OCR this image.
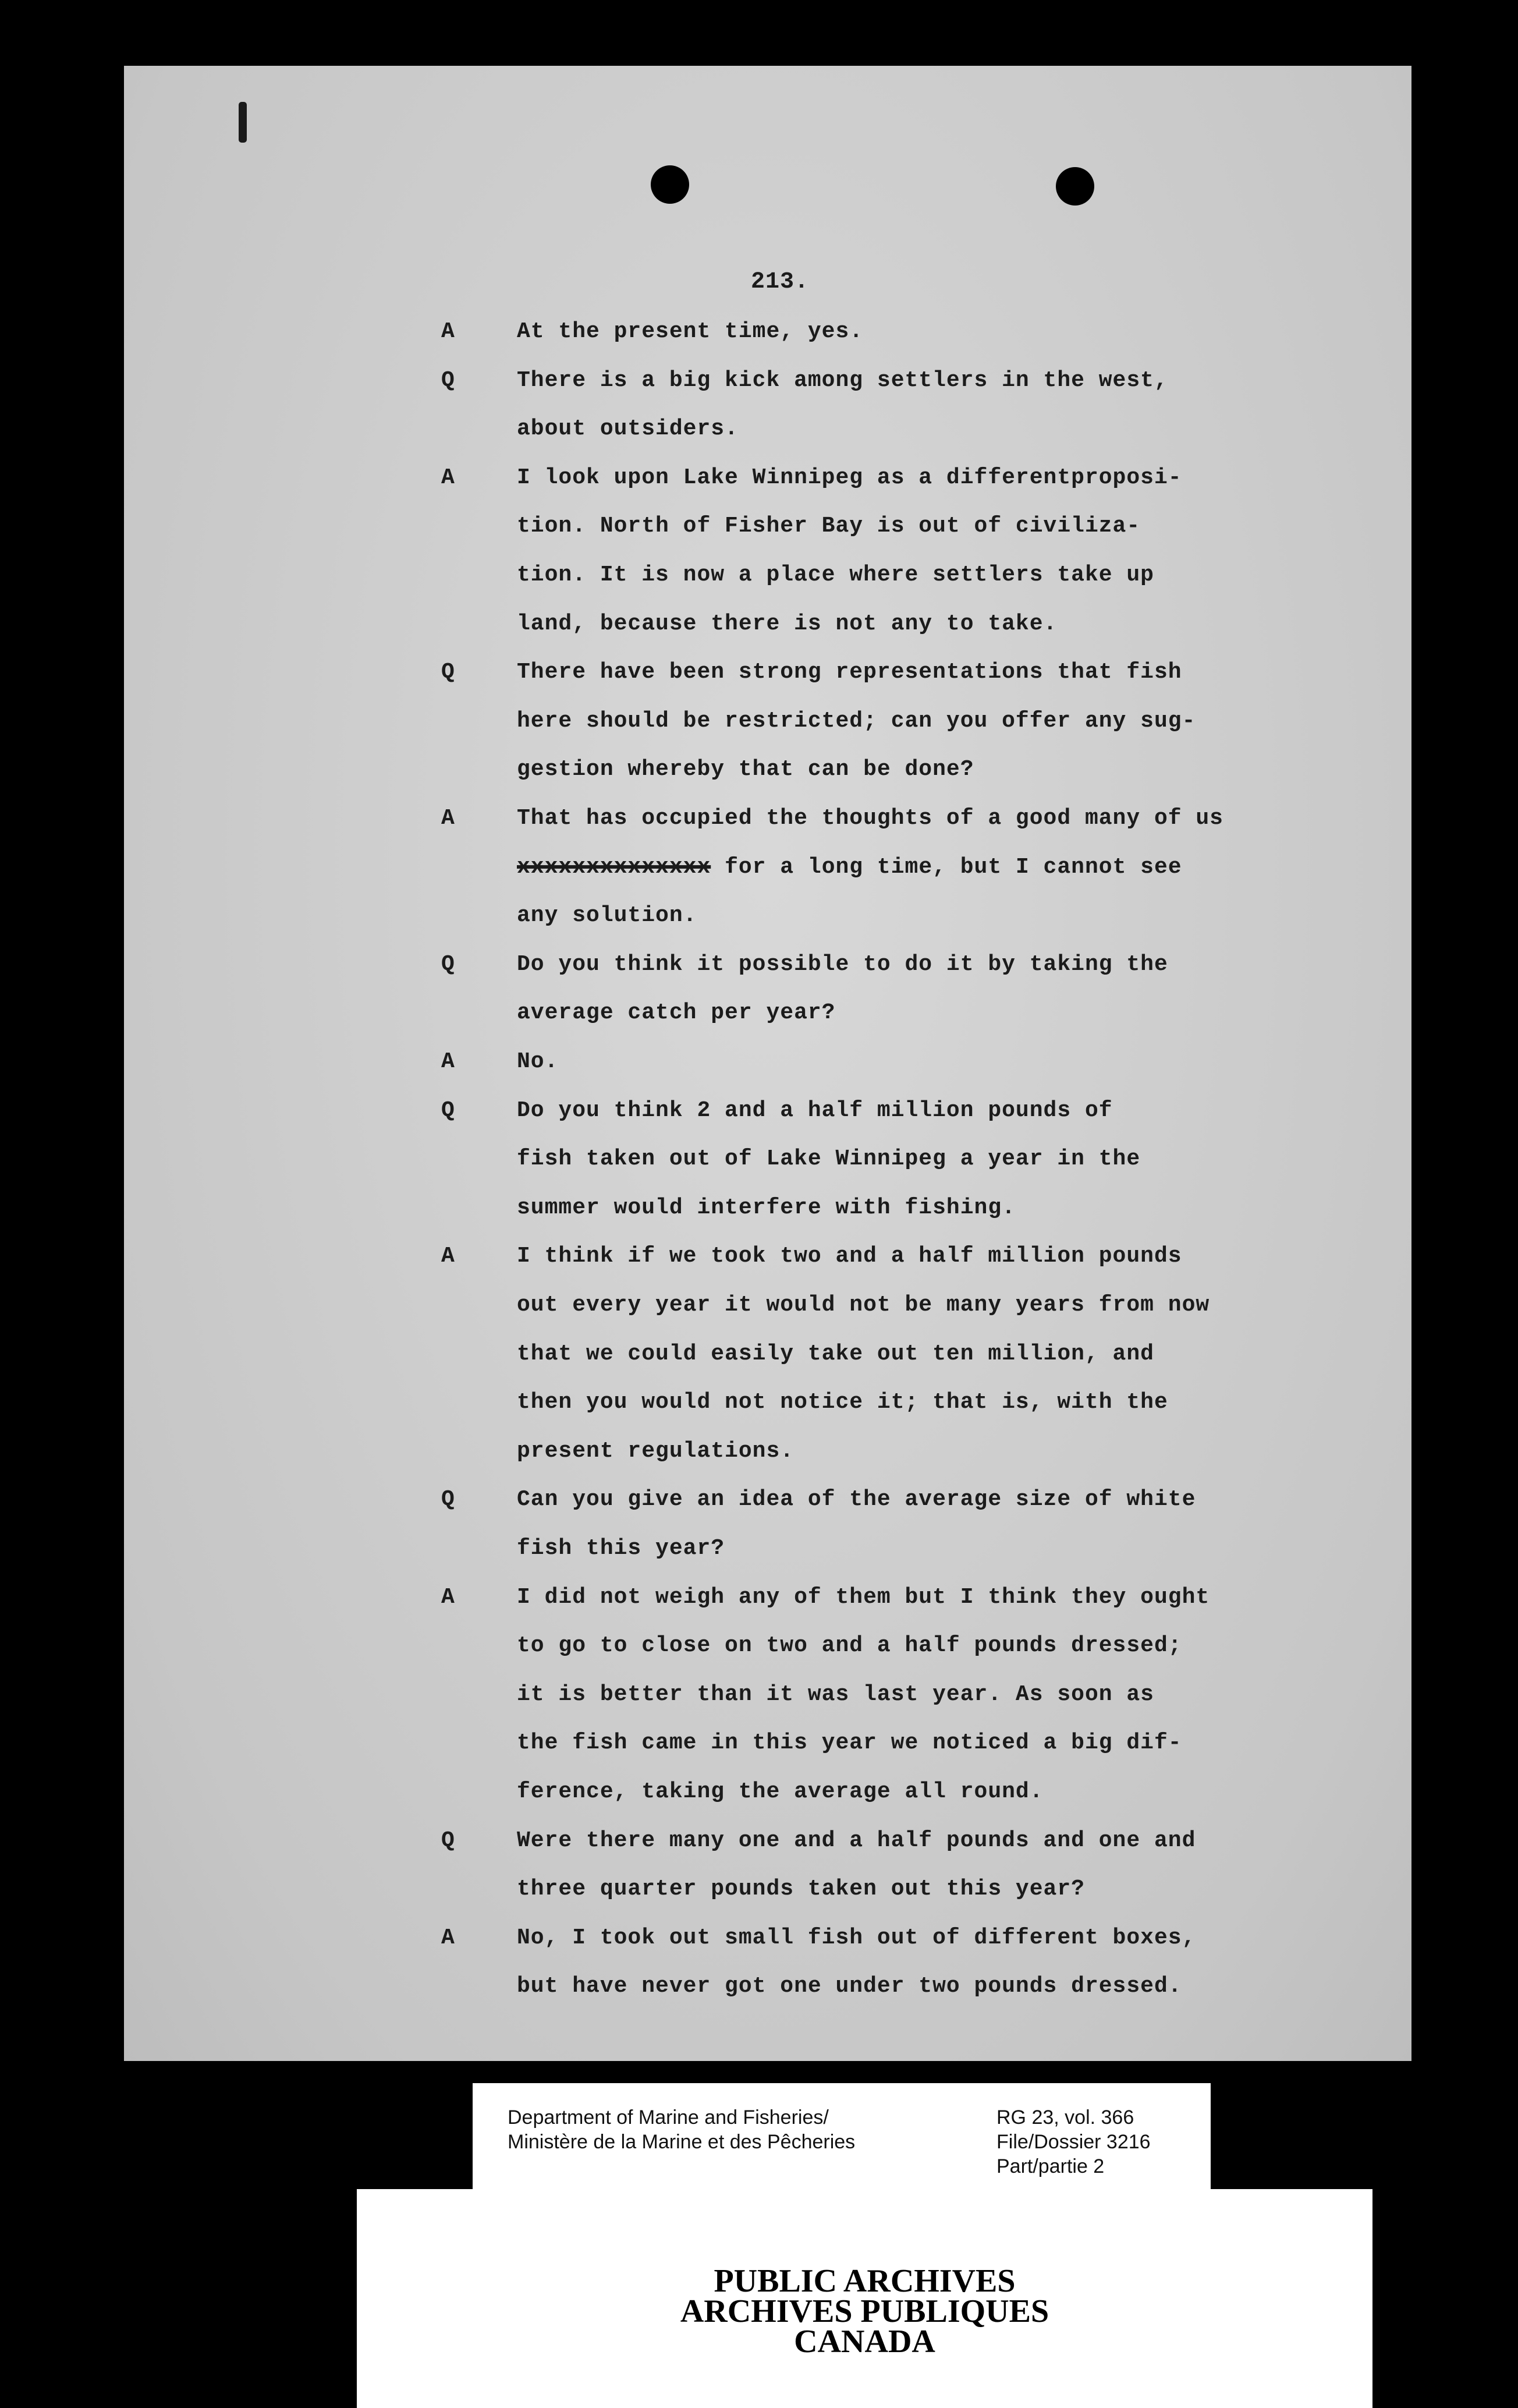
213.
A	At the present time, yes.
Q	There is a big kick among settlers in the west,
about outsiders.
A	I look upon Lake Winnipeg as a differentproposi-
tion. North of Fisher Bay is out of civiliza-
tion. It is now a place where settlers take up
land, because there is not any to take.
Q	There have been strong representations that fish
here should be restricted; can you offer any sug-
gestion whereby that can be done?
A	That has occupied the thoughts of a good many of us
xxxxxxxxxxxxxx for a long time, but I cannot see
any solution.
Q	Do you think it possible to do it by taking the
average catch per year?
A	No.
Q	Do you think 2 and a half million pounds of
fish taken out of Lake Winnipeg a year in the
summer would interfere with fishing.
A	I think if we took two and a half million pounds
out every year it would not be many years from now
that we could easily take out ten million, and
then you would not notice it; that is, with the
present regulations.
Q	Can you give an idea of the average size of white
fish this year?
A	I did not weigh any of them but I think they ought
to go to close on two and a half pounds dressed;
it is better than it was last year. As soon as
the fish came in this year we noticed a big dif-
ference, taking the average all round.
Q	Were there many one and a half pounds and one and
three quarter pounds taken out this year?
A	No, I took out small fish out of different boxes,
but have never got one under two pounds dressed.
Department of Marine and Fisheries/
Ministère de la Marine et des Pêcheries
RG 23, vol. 366
File/Dossier 3216
Part/partie 2
PUBLIC ARCHIVES
ARCHIVES PUBLIQUES
CANADA
